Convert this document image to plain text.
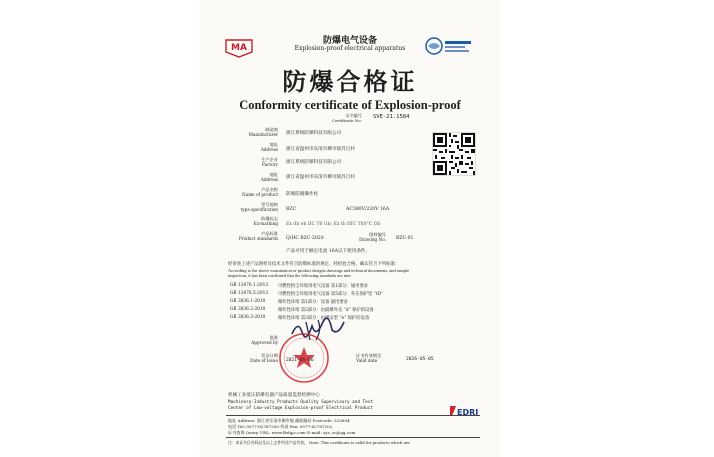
MA
防爆电气设备
Explosion-proof electrical apparatus
防爆合格证
Conformity certificate of Explosion-proof
证书编号
Certificate No.
SVE-21.1584
制造商
Manufacturer 浙江系统防爆科技有限公司
地址
Address 浙江省温州市乐清市柳市镇苏吕村
生产企业
Factory 浙江系统防爆科技有限公司
地址
Address 浙江省温州市乐清市柳市镇苏吕村
产品名称
Name of product 防爆防腐操作柱
型号规格
type specification BZC	AC380V/220V 16A
防爆标志
Ex-marking Ex db eb IIC T6 Gb; Ex tb IIIC T80°C Db
产品标准
Product standards Q/HC BZC-2020
图样编号
Drawing No. BZC-01
产品可用于额定电流 16A以下使用条件。
经审查上述产品图样及技术文件符合防爆标准的规定，经检验合格，确认符合下列标准：
According to the above examination of product designs drawings and technical documents, and sample
inspection, it has been confirmed that the following standards are met:
GB 12476.1-2013 可燃性粉尘环境用电气设备 第1部分：通用要求
GB 12476.5-2013 可燃性粉尘环境用电气设备 第5部分：外壳保护型 “tD”
GB 3836.1-2010	爆炸性环境 第1部分：设备 通用要求
GB 3836.2-2010	爆炸性环境 第2部分：由隔爆外壳 “d” 保护的设备
GB 3836.3-2010	爆炸性环境 第3部分：由增安型 “e” 保护的设备
批准
Approved by
发证日期
Date of Issue 2021-05-06
证书有效期至
Valid date	2026-05-05
机械工业低压防爆电器产品质量监督检测中心
Machinery-Industry Products Quality Supervisory and Test
Center of Low-voltage Explosion-proof Electrical Product	EDRI
地址 Address: 浙江省乐清市柳市镇 邮政编码 Postcode: 325604
电话 Tel: 0577-62787200 传真 Fax: 0577-62787202
证书查询 Query URL: www.fbdqjc.com E-mail: sys_zc@qq.com
注：本证书仅对样品及以上文件所述产品有效。 Note: This certificate is valid for products which are
